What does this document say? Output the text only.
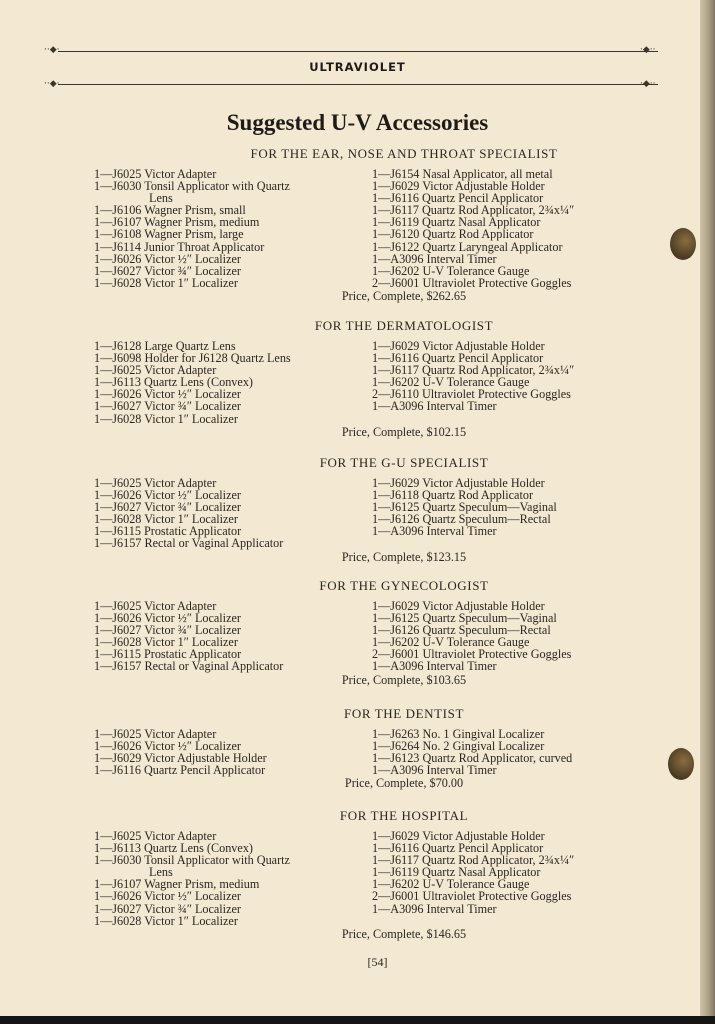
··◆·	·◆··
··◆·	·◆··
ULTRAVIOLET
Suggested U-V Accessories
FOR THE EAR, NOSE AND THROAT SPECIALIST
1—J6025 Victor Adapter
1—J6030 Tonsil Applicator with Quartz
Lens
1—J6106 Wagner Prism, small
1—J6107 Wagner Prism, medium
1—J6108 Wagner Prism, large
1—J6114 Junior Throat Applicator
1—J6026 Victor ½″ Localizer
1—J6027 Victor ¾″ Localizer
1—J6028 Victor 1″ Localizer
1—J6154 Nasal Applicator, all metal
1—J6029 Victor Adjustable Holder
1—J6116 Quartz Pencil Applicator
1—J6117 Quartz Rod Applicator, 2¾x¼″
1—J6119 Quartz Nasal Applicator
1—J6120 Quartz Rod Applicator
1—J6122 Quartz Laryngeal Applicator
1—A3096 Interval Timer
1—J6202 U-V Tolerance Gauge
2—J6001 Ultraviolet Protective Goggles
Price, Complete, $262.65
FOR THE DERMATOLOGIST
1—J6128 Large Quartz Lens
1—J6098 Holder for J6128 Quartz Lens
1—J6025 Victor Adapter
1—J6113 Quartz Lens (Convex)
1—J6026 Victor ½″ Localizer
1—J6027 Victor ¾″ Localizer
1—J6028 Victor 1″ Localizer
1—J6029 Victor Adjustable Holder
1—J6116 Quartz Pencil Applicator
1—J6117 Quartz Rod Applicator, 2¾x¼″
1—J6202 U-V Tolerance Gauge
2—J6110 Ultraviolet Protective Goggles
1—A3096 Interval Timer
Price, Complete, $102.15
FOR THE G-U SPECIALIST
1—J6025 Victor Adapter
1—J6026 Victor ½″ Localizer
1—J6027 Victor ¾″ Localizer
1—J6028 Victor 1″ Localizer
1—J6115 Prostatic Applicator
1—J6157 Rectal or Vaginal Applicator
1—J6029 Victor Adjustable Holder
1—J6118 Quartz Rod Applicator
1—J6125 Quartz Speculum—Vaginal
1—J6126 Quartz Speculum—Rectal
1—A3096 Interval Timer
Price, Complete, $123.15
FOR THE GYNECOLOGIST
1—J6025 Victor Adapter
1—J6026 Victor ½″ Localizer
1—J6027 Victor ¾″ Localizer
1—J6028 Victor 1″ Localizer
1—J6115 Prostatic Applicator
1—J6157 Rectal or Vaginal Applicator
1—J6029 Victor Adjustable Holder
1—J6125 Quartz Speculum—Vaginal
1—J6126 Quartz Speculum—Rectal
1—J6202 U-V Tolerance Gauge
2—J6001 Ultraviolet Protective Goggles
1—A3096 Interval Timer
Price, Complete, $103.65
FOR THE DENTIST
1—J6025 Victor Adapter
1—J6026 Victor ½″ Localizer
1—J6029 Victor Adjustable Holder
1—J6116 Quartz Pencil Applicator
1—J6263 No. 1 Gingival Localizer
1—J6264 No. 2 Gingival Localizer
1—J6123 Quartz Rod Applicator, curved
1—A3096 Interval Timer
Price, Complete, $70.00
FOR THE HOSPITAL
1—J6025 Victor Adapter
1—J6113 Quartz Lens (Convex)
1—J6030 Tonsil Applicator with Quartz
Lens
1—J6107 Wagner Prism, medium
1—J6026 Victor ½″ Localizer
1—J6027 Victor ¾″ Localizer
1—J6028 Victor 1″ Localizer
1—J6029 Victor Adjustable Holder
1—J6116 Quartz Pencil Applicator
1—J6117 Quartz Rod Applicator, 2¾x¼″
1—J6119 Quartz Nasal Applicator
1—J6202 U-V Tolerance Gauge
2—J6001 Ultraviolet Protective Goggles
1—A3096 Interval Timer
Price, Complete, $146.65
[54]
